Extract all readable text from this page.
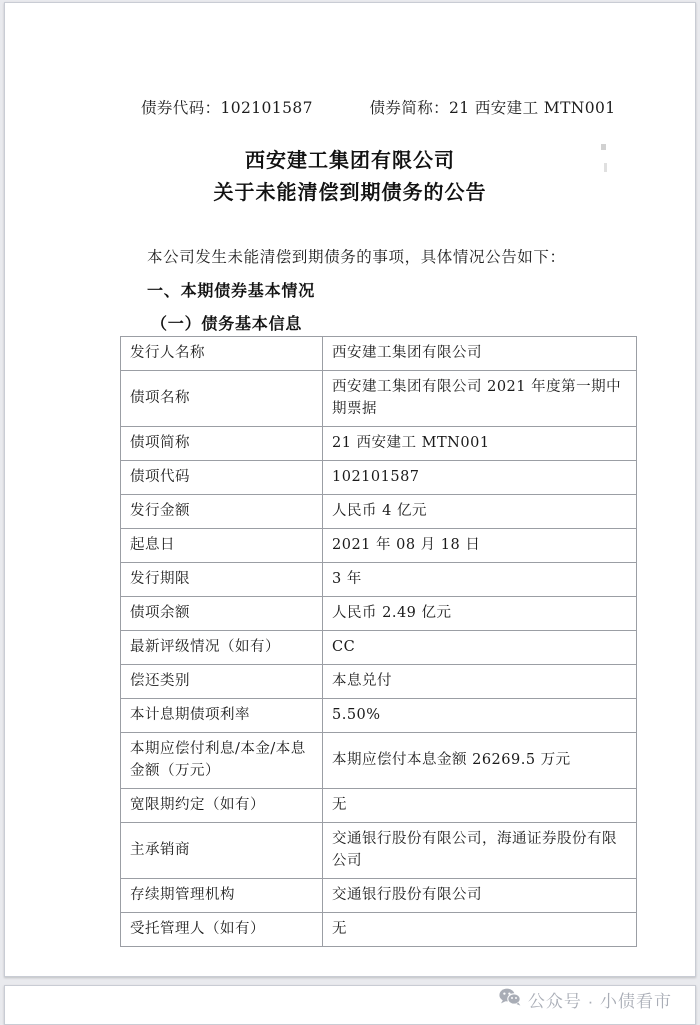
债券代码：102101587	债券简称：21 西安建工 MTN001
西安建工集团有限公司
关于未能清偿到期债务的公告
本公司发生未能清偿到期债务的事项，具体情况公告如下：
一、本期债券基本情况
（一）债务基本信息
发行人名称	西安建工集团有限公司
债项名称	西安建工集团有限公司 2021 年度第一期中期票据
债项简称	21 西安建工 MTN001
债项代码	102101587
发行金额	人民币 4 亿元
起息日	2021 年 08 月 18 日
发行期限	3 年
债项余额	人民币 2.49 亿元
最新评级情况（如有）	CC
偿还类别	本息兑付
本计息期债项利率	5.50%
本期应偿付利息/本金/本息金额（万元）	本期应偿付本息金额 26269.5 万元
宽限期约定（如有）	无
主承销商	交通银行股份有限公司，海通证券股份有限公司
存续期管理机构	交通银行股份有限公司
受托管理人（如有）	无
公众号 · 小债看市
